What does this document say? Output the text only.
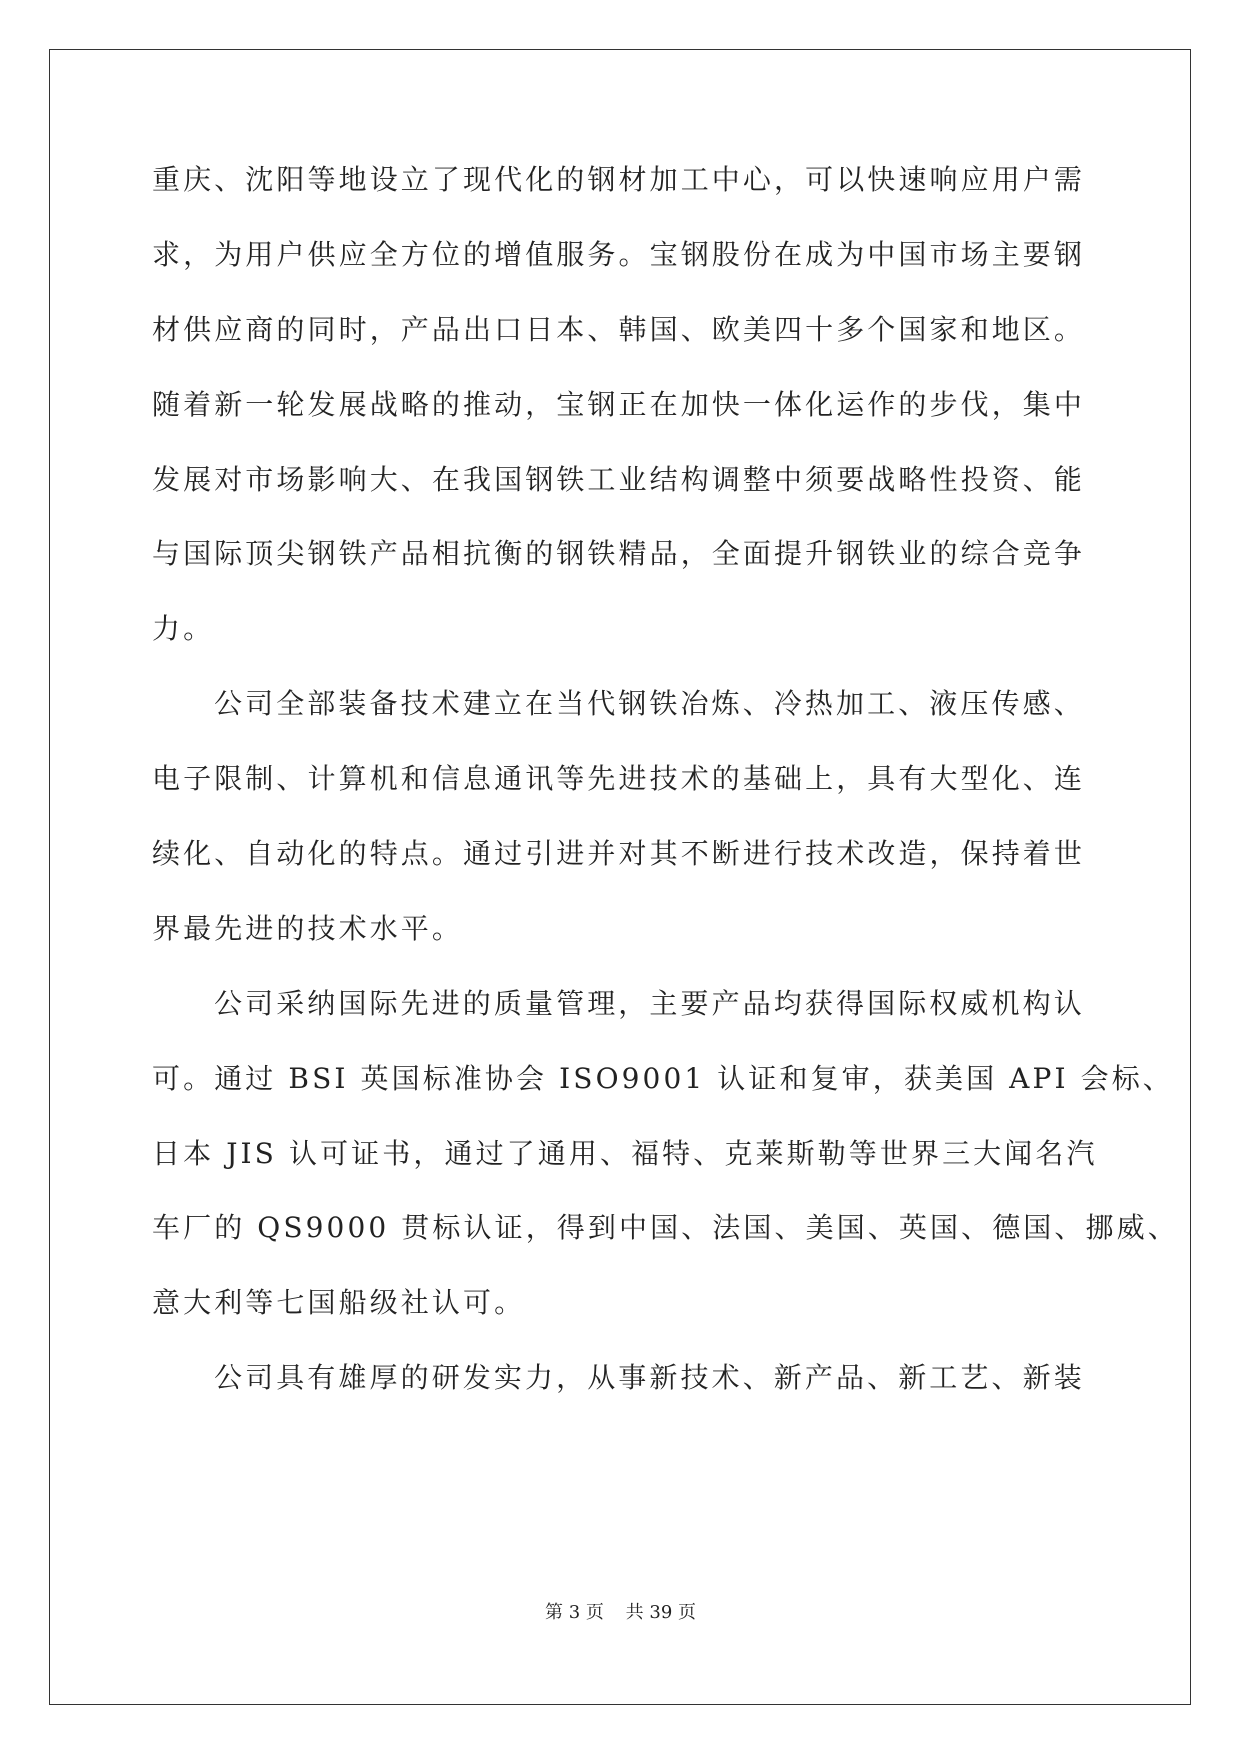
重庆、沈阳等地设立了现代化的钢材加工中心，可以快速响应用户需
求，为用户供应全方位的增值服务。宝钢股份在成为中国市场主要钢
材供应商的同时，产品出口日本、韩国、欧美四十多个国家和地区。
随着新一轮发展战略的推动，宝钢正在加快一体化运作的步伐，集中
发展对市场影响大、在我国钢铁工业结构调整中须要战略性投资、能
与国际顶尖钢铁产品相抗衡的钢铁精品，全面提升钢铁业的综合竞争
力。
公司全部装备技术建立在当代钢铁冶炼、冷热加工、液压传感、
电子限制、计算机和信息通讯等先进技术的基础上，具有大型化、连
续化、自动化的特点。通过引进并对其不断进行技术改造，保持着世
界最先进的技术水平。
公司采纳国际先进的质量管理，主要产品均获得国际权威机构认
可。通过 BSI 英国标准协会 ISO9001 认证和复审，获美国 API 会标、
日本 JIS 认可证书，通过了通用、福特、克莱斯勒等世界三大闻名汽
车厂的 QS9000 贯标认证，得到中国、法国、美国、英国、德国、挪威、
意大利等七国船级社认可。
公司具有雄厚的研发实力，从事新技术、新产品、新工艺、新装
第 3 页 共 39 页
